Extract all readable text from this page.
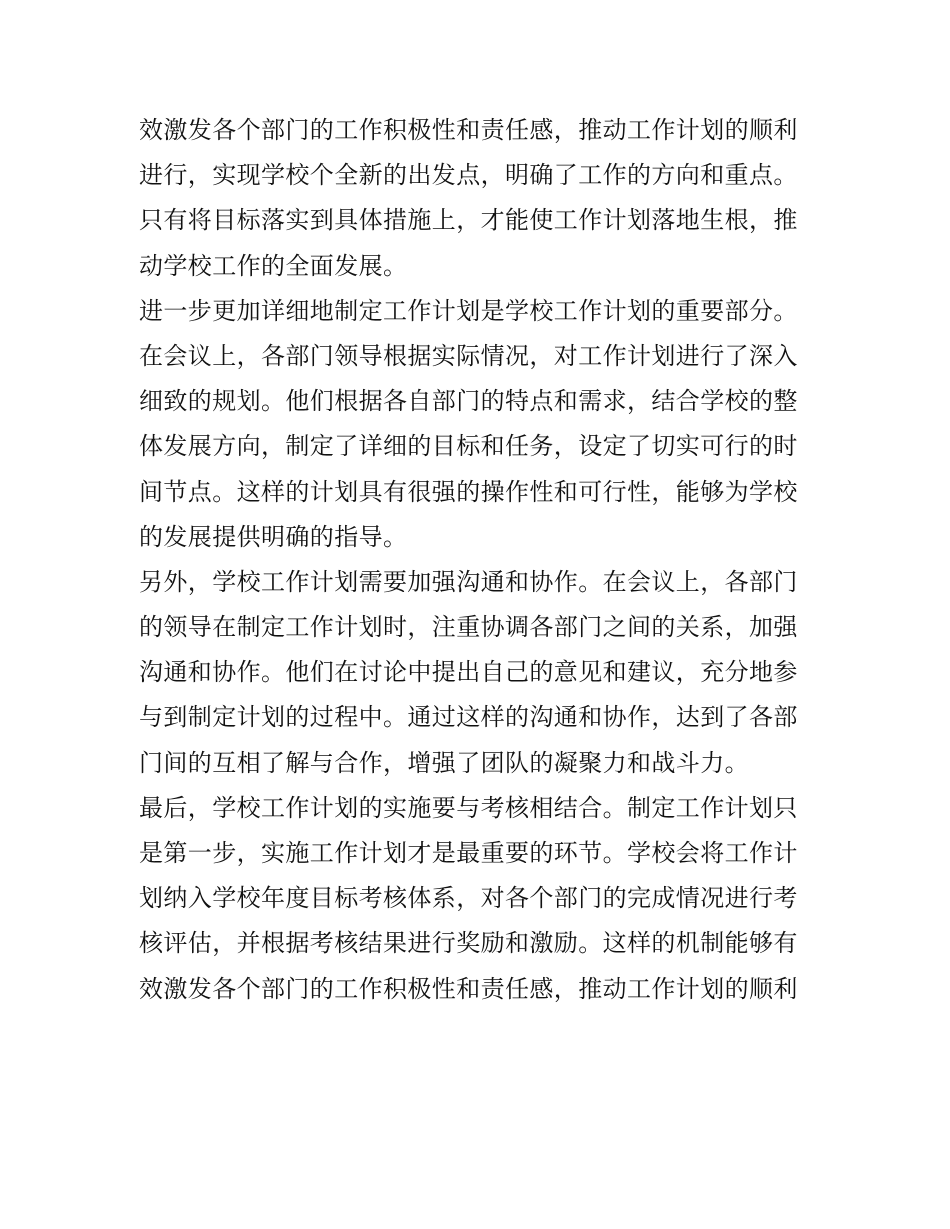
效激发各个部门的工作积极性和责任感，推动工作计划的顺利
进行，实现学校个全新的出发点，明确了工作的方向和重点。
只有将目标落实到具体措施上，才能使工作计划落地生根，推
动学校工作的全面发展。
进一步更加详细地制定工作计划是学校工作计划的重要部分。
在会议上，各部门领导根据实际情况，对工作计划进行了深入
细致的规划。他们根据各自部门的特点和需求，结合学校的整
体发展方向，制定了详细的目标和任务，设定了切实可行的时
间节点。这样的计划具有很强的操作性和可行性，能够为学校
的发展提供明确的指导。
另外，学校工作计划需要加强沟通和协作。在会议上，各部门
的领导在制定工作计划时，注重协调各部门之间的关系，加强
沟通和协作。他们在讨论中提出自己的意见和建议，充分地参
与到制定计划的过程中。通过这样的沟通和协作，达到了各部
门间的互相了解与合作，增强了团队的凝聚力和战斗力。
最后，学校工作计划的实施要与考核相结合。制定工作计划只
是第一步，实施工作计划才是最重要的环节。学校会将工作计
划纳入学校年度目标考核体系，对各个部门的完成情况进行考
核评估，并根据考核结果进行奖励和激励。这样的机制能够有
效激发各个部门的工作积极性和责任感，推动工作计划的顺利
